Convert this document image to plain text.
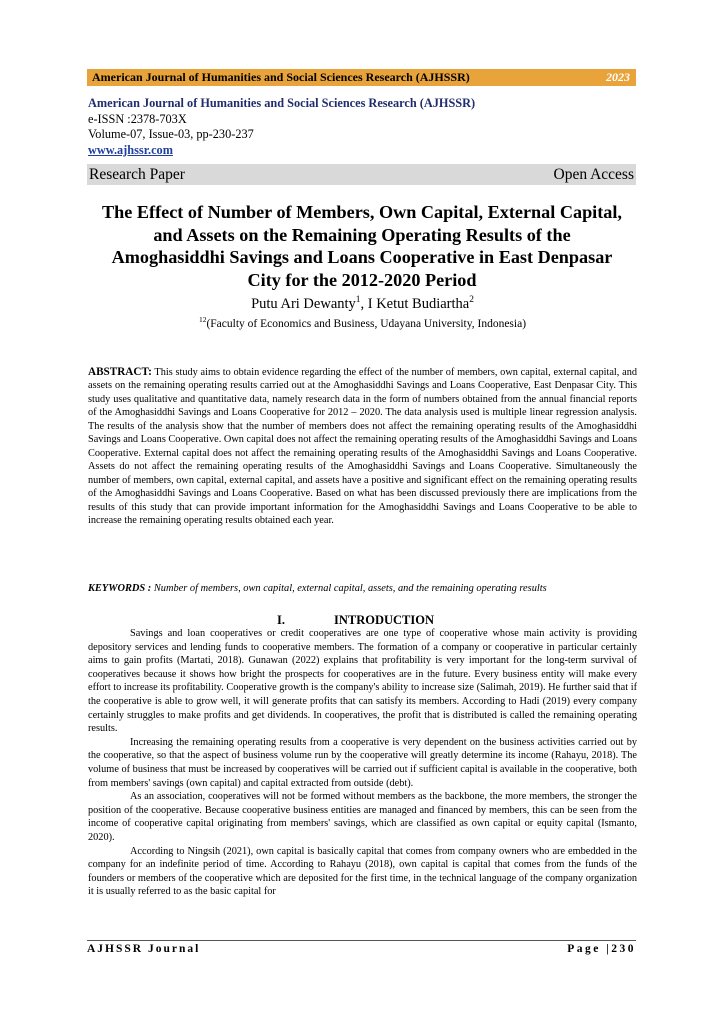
American Journal of Humanities and Social Sciences Research (AJHSSR)	2023
American Journal of Humanities and Social Sciences Research (AJHSSR)
e-ISSN :2378-703X
Volume-07, Issue-03, pp-230-237
www.ajhssr.com
Research Paper	Open Access
The Effect of Number of Members, Own Capital, External Capital, and Assets on the Remaining Operating Results of the Amoghasiddhi Savings and Loans Cooperative in East Denpasar City for the 2012-2020 Period
Putu Ari Dewanty$^1$, I Ketut Budiartha$^2$
$^{12}$(Faculty of Economics and Business, Udayana University, Indonesia)

ABSTRACT: This study aims to obtain evidence regarding the effect of the number of members, own capital, external capital, and assets on the remaining operating results carried out at the Amoghasiddhi Savings and Loans Cooperative, East Denpasar City. This study uses qualitative and quantitative data, namely research data in the form of numbers obtained from the annual financial reports of the Amoghasiddhi Savings and Loans Cooperative for 2012 – 2020. The data analysis used is multiple linear regression analysis. The results of the analysis show that the number of members does not affect the remaining operating results of the Amoghasiddhi Savings and Loans Cooperative. Own capital does not affect the remaining operating results of the Amoghasiddhi Savings and Loans Cooperative. External capital does not affect the remaining operating results of the Amoghasiddhi Savings and Loans Cooperative. Assets do not affect the remaining operating results of the Amoghasiddhi Savings and Loans Cooperative. Simultaneously the number of members, own capital, external capital, and assets have a positive and significant effect on the remaining operating results of the Amoghasiddhi Savings and Loans Cooperative. Based on what has been discussed previously there are implications from the results of this study that can provide important information for the Amoghasiddhi Savings and Loans Cooperative to be able to increase the remaining operating results obtained each year.

KEYWORDS : Number of members, own capital, external capital, assets, and the remaining operating results
I.	INTRODUCTION

Savings and loan cooperatives or credit cooperatives are one type of cooperative whose main activity is providing depository services and lending funds to cooperative members. The formation of a company or cooperative in particular certainly aims to gain profits (Martati, 2018). Gunawan (2022) explains that profitability is very important for the long-term survival of cooperatives because it shows how bright the prospects for cooperatives are in the future. Every business entity will make every effort to increase its profitability. Cooperative growth is the company's ability to increase size (Salimah, 2019). He further said that if the cooperative is able to grow well, it will generate profits that can satisfy its members. According to Hadi (2019) every company certainly struggles to make profits and get dividends. In cooperatives, the profit that is distributed is called the remaining operating results.

Increasing the remaining operating results from a cooperative is very dependent on the business activities carried out by the cooperative, so that the aspect of business volume run by the cooperative will greatly determine its income (Rahayu, 2018). The volume of business that must be increased by cooperatives will be carried out if sufficient capital is available in the cooperative, both from members' savings (own capital) and capital extracted from outside (debt).

As an association, cooperatives will not be formed without members as the backbone, the more members, the stronger the position of the cooperative. Because cooperative business entities are managed and financed by members, this can be seen from the income of cooperative capital originating from members' savings, which are classified as own capital or equity capital (Ismanto, 2020).

According to Ningsih (2021), own capital is basically capital that comes from company owners who are embedded in the company for an indefinite period of time. According to Rahayu (2018), own capital is capital that comes from the funds of the founders or members of the cooperative which are deposited for the first time, in the technical language of the company organization it is usually referred to as the basic capital for

AJHSSR Journal	Page |230
